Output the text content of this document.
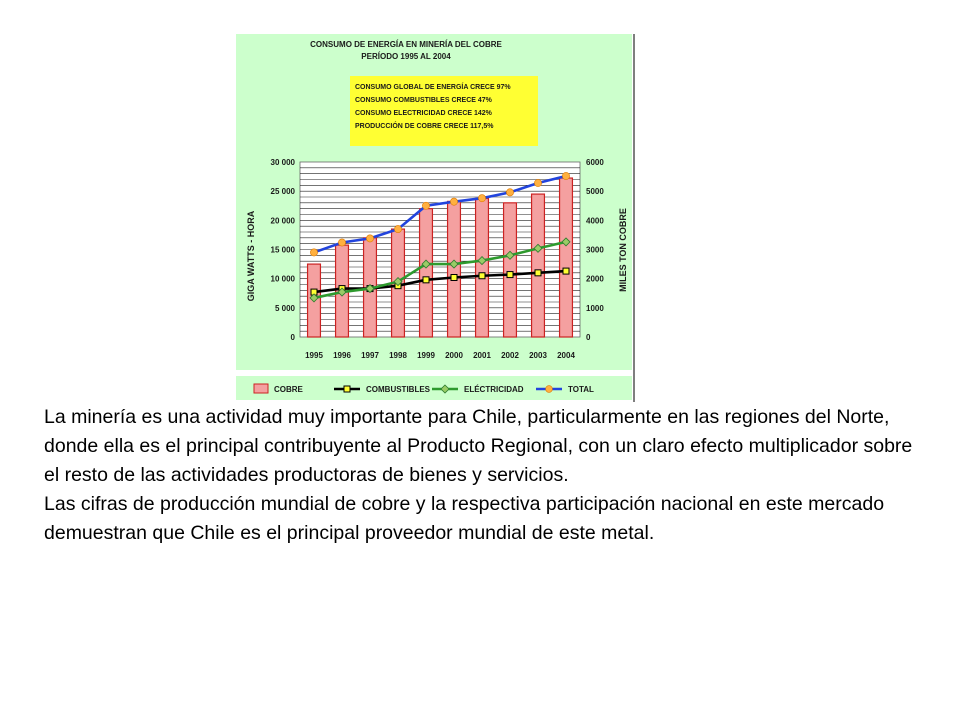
CONSUMO DE ENERGÍA EN MINERÍA DEL COBRE
PERÍODO 1995 AL 2004
CONSUMO GLOBAL DE ENERGÍA CRECE 97%
CONSUMO COMBUSTIBLES CRECE 47%
CONSUMO ELECTRICIDAD CRECE 142%
PRODUCCIÓN DE COBRE CRECE 117,5%
0
5 000
10 000
15 000
20 000
25 000
30 000
0
1000
2000
3000
4000
5000
6000
1995 1996 1997 1998 1999 2000 2001 2002 2003 2004
GIGA WATTS - HORA	MILES TON COBRE
COBRE	COMBUSTIBLES	ELÉCTRICIDAD	TOTAL

La minería es una actividad muy importante para Chile, particularmente en las regiones del Norte, donde ella es el principal contribuyente al Producto Regional, con un claro efecto multiplicador sobre el resto de las actividades productoras de bienes y servicios.

Las cifras de producción mundial de cobre y la respectiva participación nacional en este mercado demuestran que Chile es el principal proveedor mundial de este metal.
